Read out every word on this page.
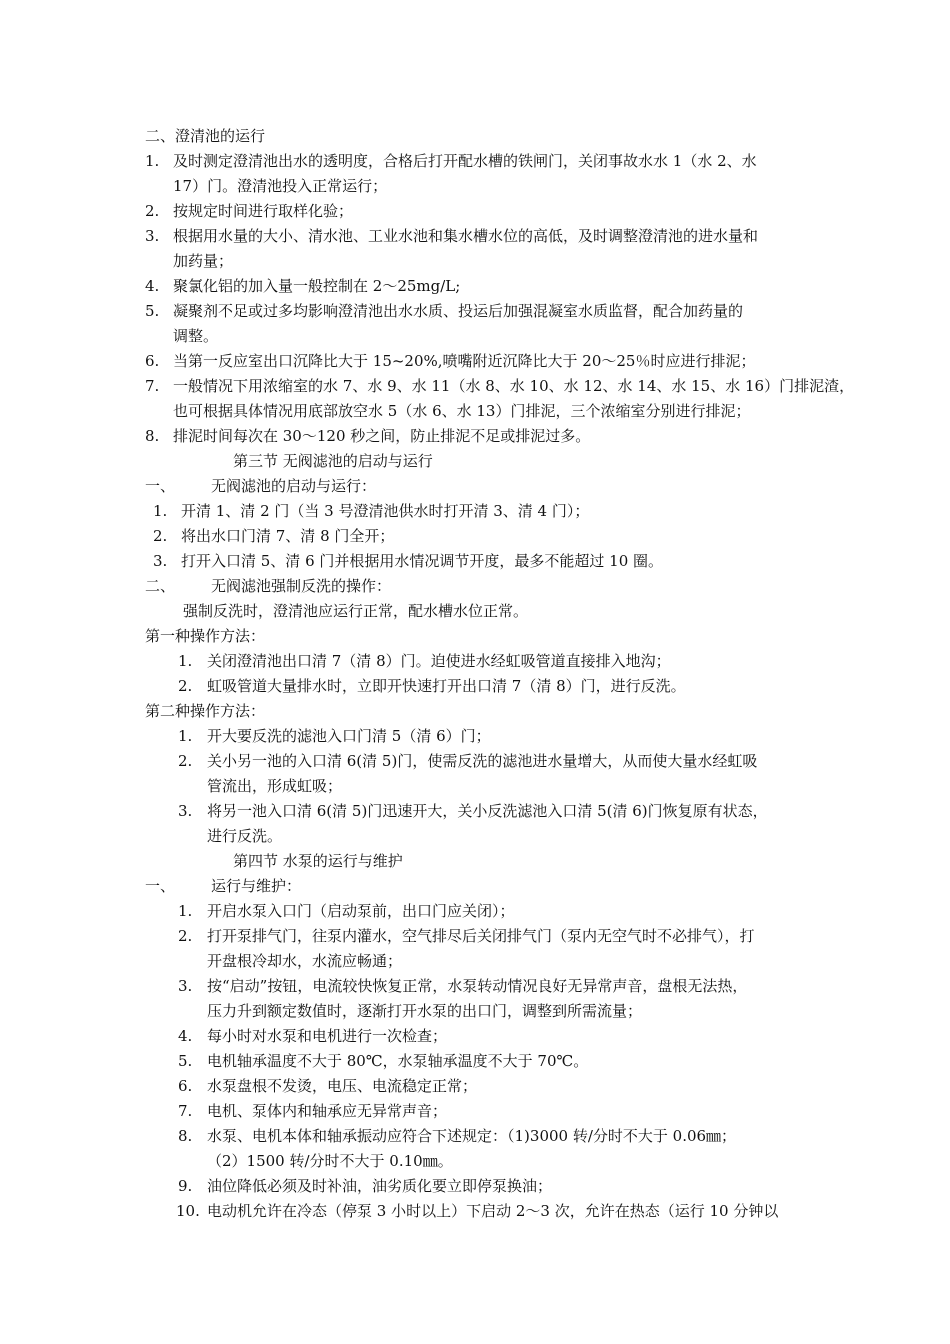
二、澄清池的运行
1. 及时测定澄清池出水的透明度，合格后打开配水槽的铁闸门，关闭事故水水 1（水 2、水
17）门。澄清池投入正常运行；
2. 按规定时间进行取样化验；
3. 根据用水量的大小、清水池、工业水池和集水槽水位的高低，及时调整澄清池的进水量和
加药量；
4. 聚氯化铝的加入量一般控制在 2～25mg/L;
5. 凝聚剂不足或过多均影响澄清池出水水质、投运后加强混凝室水质监督，配合加药量的
调整。
6. 当第一反应室出口沉降比大于 15~20%,喷嘴附近沉降比大于 20～25％时应进行排泥；
7. 一般情况下用浓缩室的水 7、水 9、水 11（水 8、水 10、水 12、水 14、水 15、水 16）门排泥渣，
也可根据具体情况用底部放空水 5（水 6、水 13）门排泥，三个浓缩室分别进行排泥；
8. 排泥时间每次在 30～120 秒之间，防止排泥不足或排泥过多。
第三节 无阀滤池的启动与运行
一、 无阀滤池的启动与运行：
1. 开清 1、清 2 门（当 3 号澄清池供水时打开清 3、清 4 门）；
2. 将出水口门清 7、清 8 门全开；
3. 打开入口清 5、清 6 门并根据用水情况调节开度，最多不能超过 10 圈。
二、 无阀滤池强制反洗的操作：
强制反洗时，澄清池应运行正常，配水槽水位正常。
第一种操作方法：
1. 关闭澄清池出口清 7（清 8）门。迫使进水经虹吸管道直接排入地沟；
2. 虹吸管道大量排水时，立即开快速打开出口清 7（清 8）门，进行反洗。
第二种操作方法：
1. 开大要反洗的滤池入口门清 5（清 6）门；
2. 关小另一池的入口清 6(清 5)门，使需反洗的滤池进水量增大，从而使大量水经虹吸
管流出，形成虹吸；
3. 将另一池入口清 6(清 5)门迅速开大，关小反洗滤池入口清 5(清 6)门恢复原有状态，
进行反洗。
第四节 水泵的运行与维护
一、 运行与维护：
1. 开启水泵入口门（启动泵前，出口门应关闭）；
2. 打开泵排气门，往泵内灌水，空气排尽后关闭排气门（泵内无空气时不必排气），打
开盘根冷却水，水流应畅通；
3. 按“启动”按钮，电流较快恢复正常，水泵转动情况良好无异常声音，盘根无法热，
压力升到额定数值时，逐渐打开水泵的出口门，调整到所需流量；
4. 每小时对水泵和电机进行一次检查；
5. 电机轴承温度不大于 80℃，水泵轴承温度不大于 70℃。
6. 水泵盘根不发烫，电压、电流稳定正常；
7. 电机、泵体内和轴承应无异常声音；
8. 水泵、电机本体和轴承振动应符合下述规定：（1)3000 转/分时不大于 0.06㎜；
（2）1500 转/分时不大于 0.10㎜。
9. 油位降低必须及时补油，油劣质化要立即停泵换油；
10. 电动机允许在冷态（停泵 3 小时以上）下启动 2～3 次，允许在热态（运行 10 分钟以
